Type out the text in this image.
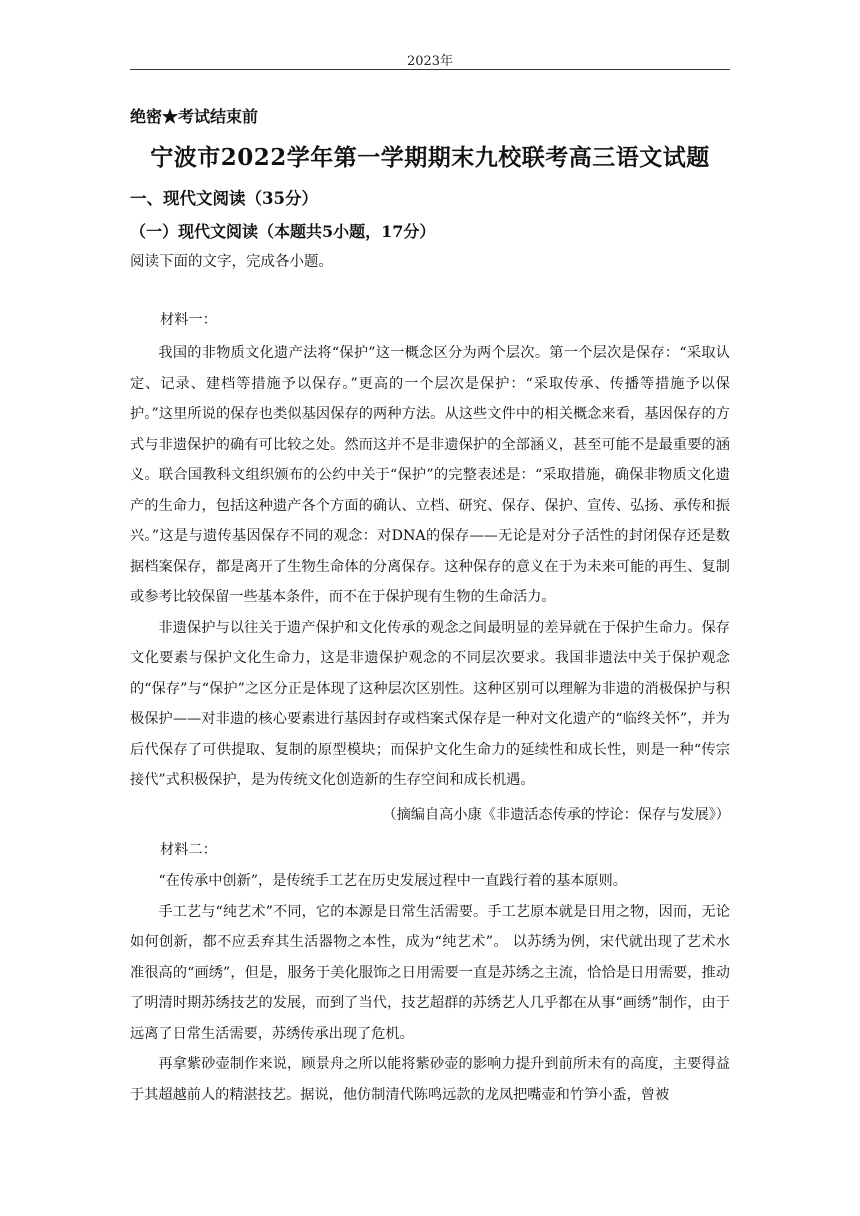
2023年
绝密★考试结束前
宁波市2022学年第一学期期末九校联考高三语文试题
一、现代文阅读（35分）
（一）现代文阅读（本题共5小题，17分）
阅读下面的文字，完成各小题。
材料一：

我国的非物质文化遗产法将“保护”这一概念区分为两个层次。第一个层次是保存：“采取认定、记录、建档等措施予以保存。”更高的一个层次是保护：“采取传承、传播等措施予以保护。”这里所说的保存也类似基因保存的两种方法。从这些文件中的相关概念来看，基因保存的方式与非遗保护的确有可比较之处。然而这并不是非遗保护的全部涵义，甚至可能不是最重要的涵义。联合国教科文组织颁布的公约中关于“保护”的完整表述是：“采取措施，确保非物质文化遗产的生命力，包括这种遗产各个方面的确认、立档、研究、保存、保护、宣传、弘扬、承传和振兴。”这是与遗传基因保存不同的观念：对DNA的保存——无论是对分子活性的封闭保存还是数据档案保存，都是离开了生物生命体的分离保存。这种保存的意义在于为未来可能的再生、复制或参考比较保留一些基本条件，而不在于保护现有生物的生命活力。

非遗保护与以往关于遗产保护和文化传承的观念之间最明显的差异就在于保护生命力。保存文化要素与保护文化生命力，这是非遗保护观念的不同层次要求。我国非遗法中关于保护观念的“保存”与“保护”之区分正是体现了这种层次区别性。这种区别可以理解为非遗的消极保护与积极保护——对非遗的核心要素进行基因封存或档案式保存是一种对文化遗产的“临终关怀”，并为后代保存了可供提取、复制的原型模块；而保护文化生命力的延续性和成长性，则是一种“传宗接代”式积极保护，是为传统文化创造新的生存空间和成长机遇。

（摘编自高小康《非遗活态传承的悖论：保存与发展》）
材料二：

“在传承中创新”，是传统手工艺在历史发展过程中一直践行着的基本原则。

手工艺与“纯艺术”不同，它的本源是日常生活需要。手工艺原本就是日用之物，因而，无论如何创新，都不应丢弃其生活器物之本性，成为“纯艺术”。 以苏绣为例，宋代就出现了艺术水准很高的“画绣”，但是，服务于美化服饰之日用需要一直是苏绣之主流，恰恰是日用需要，推动了明清时期苏绣技艺的发展，而到了当代，技艺超群的苏绣艺人几乎都在从事“画绣”制作，由于远离了日常生活需要，苏绣传承出现了危机。

再拿紫砂壶制作来说，顾景舟之所以能将紫砂壶的影响力提升到前所未有的高度，主要得益于其超越前人的精湛技艺。据说，他仿制清代陈鸣远款的龙凤把嘴壶和竹笋小盉，曾被
